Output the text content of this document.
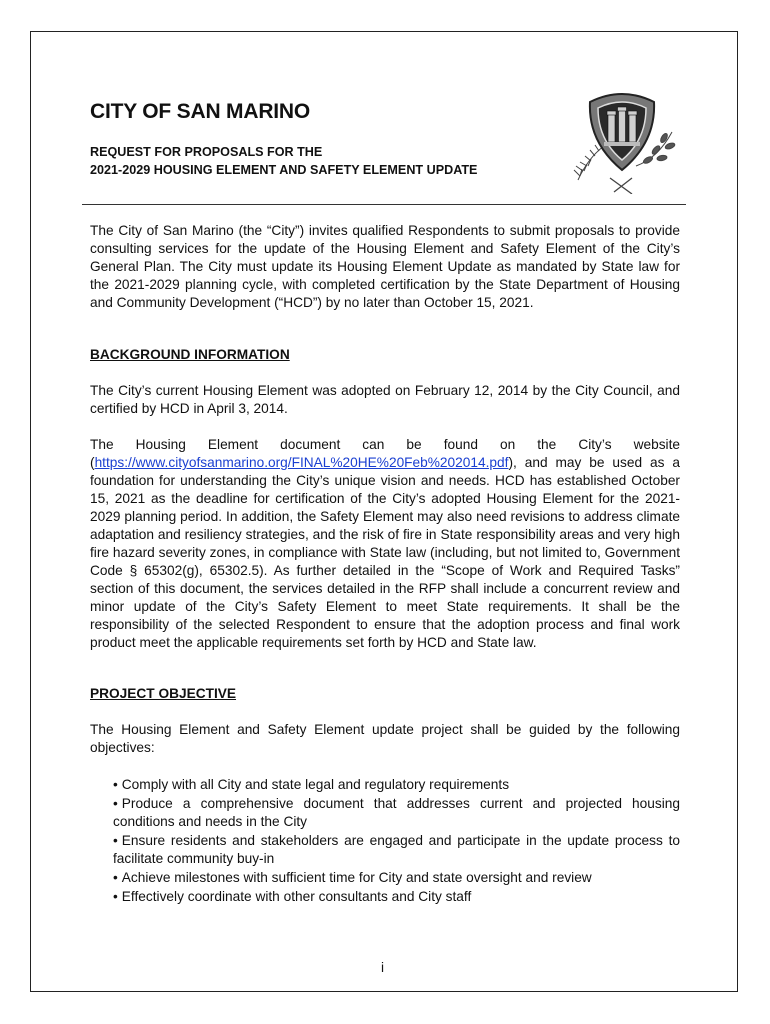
CITY OF SAN MARINO

REQUEST FOR PROPOSALS FOR THE

2021-2029 HOUSING ELEMENT AND SAFETY ELEMENT UPDATE

The City of San Marino (the “City”) invites qualified Respondents to submit proposals to provide consulting services for the update of the Housing Element and Safety Element of the City’s General Plan. The City must update its Housing Element Update as mandated by State law for the 2021-2029 planning cycle, with completed certification by the State Department of Housing and Community Development (“HCD”) by no later than October 15, 2021.

BACKGROUND INFORMATION

The City’s current Housing Element was adopted on February 12, 2014 by the City Council, and certified by HCD in April 3, 2014.

The Housing Element document can be found on the City’s website (https://www.cityofsanmarino.org/FINAL%20HE%20Feb%202014.pdf), and may be used as a foundation for understanding the City’s unique vision and needs. HCD has established October 15, 2021 as the deadline for certification of the City’s adopted Housing Element for the 2021-2029 planning period. In addition, the Safety Element may also need revisions to address climate adaptation and resiliency strategies, and the risk of fire in State responsibility areas and very high fire hazard severity zones, in compliance with State law (including, but not limited to, Government Code § 65302(g), 65302.5). As further detailed in the “Scope of Work and Required Tasks” section of this document, the services detailed in the RFP shall include a concurrent review and minor update of the City’s Safety Element to meet State requirements. It shall be the responsibility of the selected Respondent to ensure that the adoption process and final work product meet the applicable requirements set forth by HCD and State law.

PROJECT OBJECTIVE

The Housing Element and Safety Element update project shall be guided by the following objectives:

• Comply with all City and state legal and regulatory requirements
• Produce a comprehensive document that addresses current and projected housing conditions and needs in the City
• Ensure residents and stakeholders are engaged and participate in the update process to facilitate community buy-in
• Achieve milestones with sufficient time for City and state oversight and review
• Effectively coordinate with other consultants and City staff
i
